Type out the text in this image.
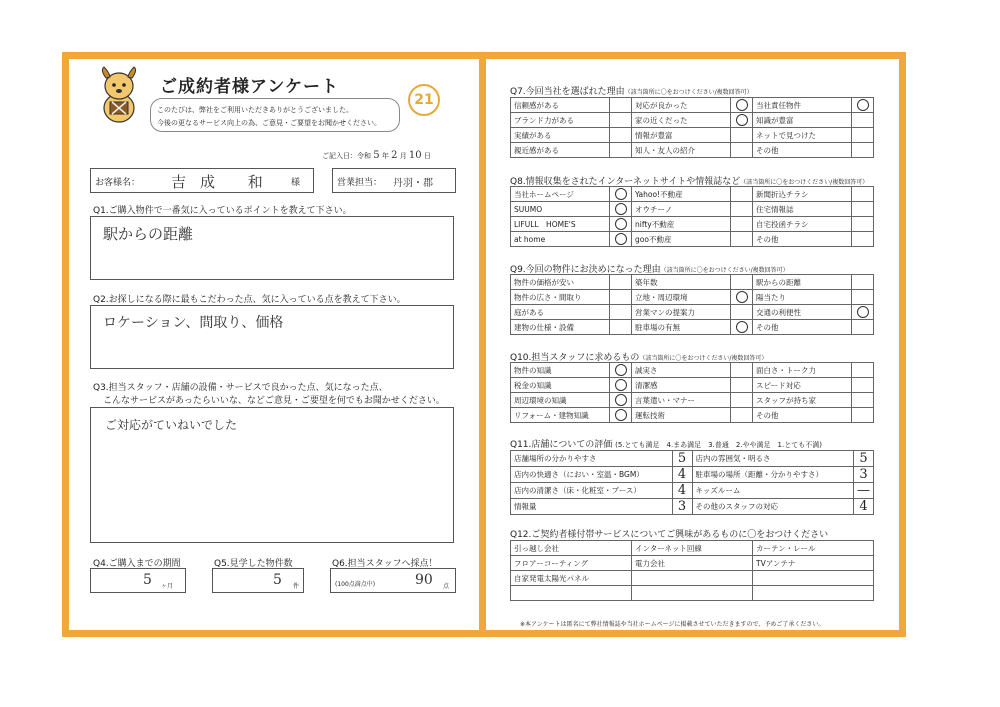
ご成約者様アンケート
このたびは、弊社をご利用いただきありがとうございました。
今後の更なるサービス向上の為、ご意見・ご要望をお聞かせください。
21
ご記入日：令和 5 年 2 月 10 日
お客様名： 吉成 和 様	営業担当： 丹羽・郡
Q1.ご購入物件で一番気に入っているポイントを教えて下さい。
駅からの距離
Q2.お探しになる際に最もこだわった点、気に入っている点を教えて下さい。
ロケーション、間取り、価格
Q3.担当スタッフ・店舗の設備・サービスで良かった点、気になった点、
こんなサービスがあったらいいな、などご意見・ご要望を何でもお聞かせください。
ご対応がていねいでした
Q4.ご購入までの期間
5 ヶ月
Q5.見学した物件数
5 件
Q6.担当スタッフへ採点！
(100点満点中)	90 点
Q7.今回当社を選ばれた理由（該当箇所に〇をおつけください/複数回答可）
信頼感がある		対応が良かった		当社責任物件	
ブランド力がある		家の近くだった		知識が豊富	
実績がある		情報が豊富		ネットで見つけた	
親近感がある		知人・友人の紹介		その他	
Q8.情報収集をされたインターネットサイトや情報誌など（該当箇所に〇をおつけください/複数回答可）
当社ホームページ		Yahoo!不動産		新聞折込チラシ	
SUUMO		オウチーノ		住宅情報誌	
LIFULL　HOME'S		nifty不動産		自宅投函チラシ	
at home		goo不動産		その他	
Q9.今回の物件にお決めになった理由（該当箇所に〇をおつけください/複数回答可）
物件の価格が安い		築年数		駅からの距離	
物件の広さ・間取り		立地・周辺環境		陽当たり	
庭がある		営業マンの提案力		交通の利便性	
建物の仕様・設備		駐車場の有無		その他	
Q10.担当スタッフに求めるもの（該当箇所に〇をおつけください/複数回答可）
物件の知識		誠実さ		面白さ・トーク力	
税金の知識		清潔感		スピード対応	
周辺環境の知識		言葉遣い・マナー		スタッフが持ち家	
リフォーム・建物知識		運転技術		その他	
Q11.店舗についての評価 (5.とても満足　4.まあ満足　3.普通　2.やや満足　1.とても不満)
店舗場所の分かりやすさ	5	店内の雰囲気・明るさ	5
店内の快適さ（におい・室温・BGM）	4	駐車場の場所（距離・分かりやすさ）	3
店内の清潔さ（床・化粧室・ブース）	4	キッズルーム	—
情報量	3	その他のスタッフの対応	4
Q12.ご契約者様付帯サービスについてご興味があるものに〇をおつけください
引っ越し会社	インターネット回線	カーテン・レール
フロアーコーティング	電力会社	TVアンテナ
自家発電太陽光パネル		

※本アンケートは匿名にて弊社情報誌や当社ホームページに掲載させていただきますので、予めご了承ください。
